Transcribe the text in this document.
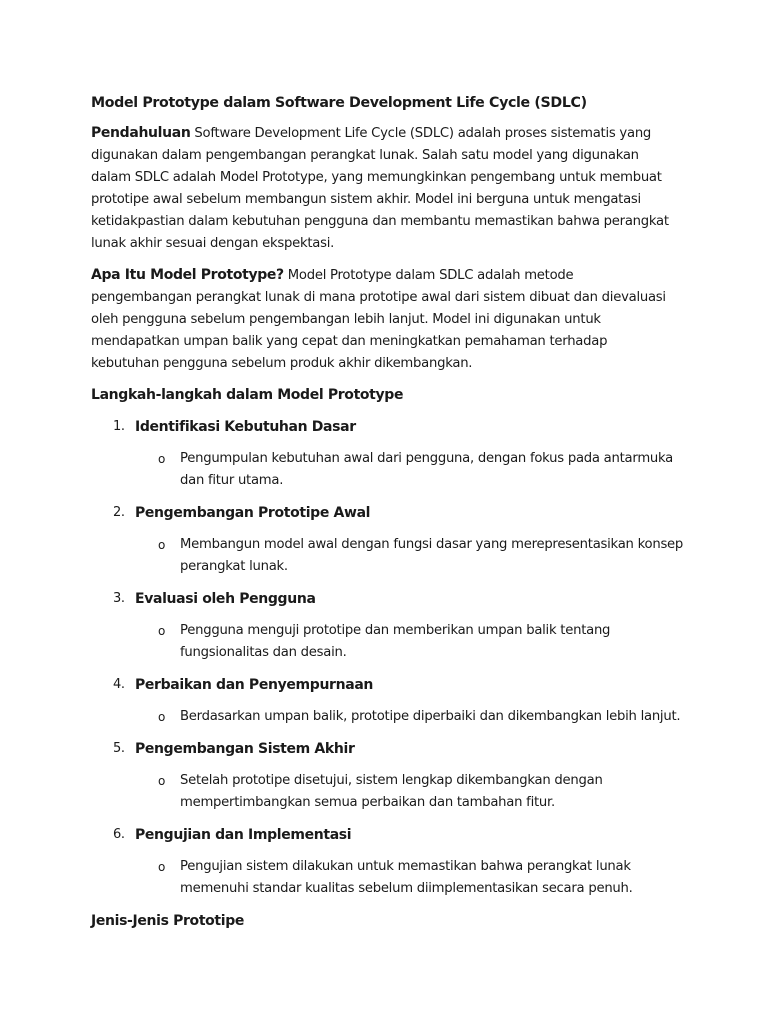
Model Prototype dalam Software Development Life Cycle (SDLC)

Pendahuluan Software Development Life Cycle (SDLC) adalah proses sistematis yang digunakan dalam pengembangan perangkat lunak. Salah satu model yang digunakan dalam SDLC adalah Model Prototype, yang memungkinkan pengembang untuk membuat prototipe awal sebelum membangun sistem akhir. Model ini berguna untuk mengatasi ketidakpastian dalam kebutuhan pengguna dan membantu memastikan bahwa perangkat lunak akhir sesuai dengan ekspektasi.

Apa Itu Model Prototype? Model Prototype dalam SDLC adalah metode pengembangan perangkat lunak di mana prototipe awal dari sistem dibuat dan dievaluasi oleh pengguna sebelum pengembangan lebih lanjut. Model ini digunakan untuk mendapatkan umpan balik yang cepat dan meningkatkan pemahaman terhadap kebutuhan pengguna sebelum produk akhir dikembangkan.

Langkah-langkah dalam Model Prototype
1. Identifikasi Kebutuhan Dasar
o Pengumpulan kebutuhan awal dari pengguna, dengan fokus pada antarmuka dan fitur utama.
2. Pengembangan Prototipe Awal
o Membangun model awal dengan fungsi dasar yang merepresentasikan konsep perangkat lunak.
3. Evaluasi oleh Pengguna
o Pengguna menguji prototipe dan memberikan umpan balik tentang fungsionalitas dan desain.
4. Perbaikan dan Penyempurnaan
o Berdasarkan umpan balik, prototipe diperbaiki dan dikembangkan lebih lanjut.
5. Pengembangan Sistem Akhir
o Setelah prototipe disetujui, sistem lengkap dikembangkan dengan mempertimbangkan semua perbaikan dan tambahan fitur.
6. Pengujian dan Implementasi
o Pengujian sistem dilakukan untuk memastikan bahwa perangkat lunak memenuhi standar kualitas sebelum diimplementasikan secara penuh.
Jenis-Jenis Prototipe
